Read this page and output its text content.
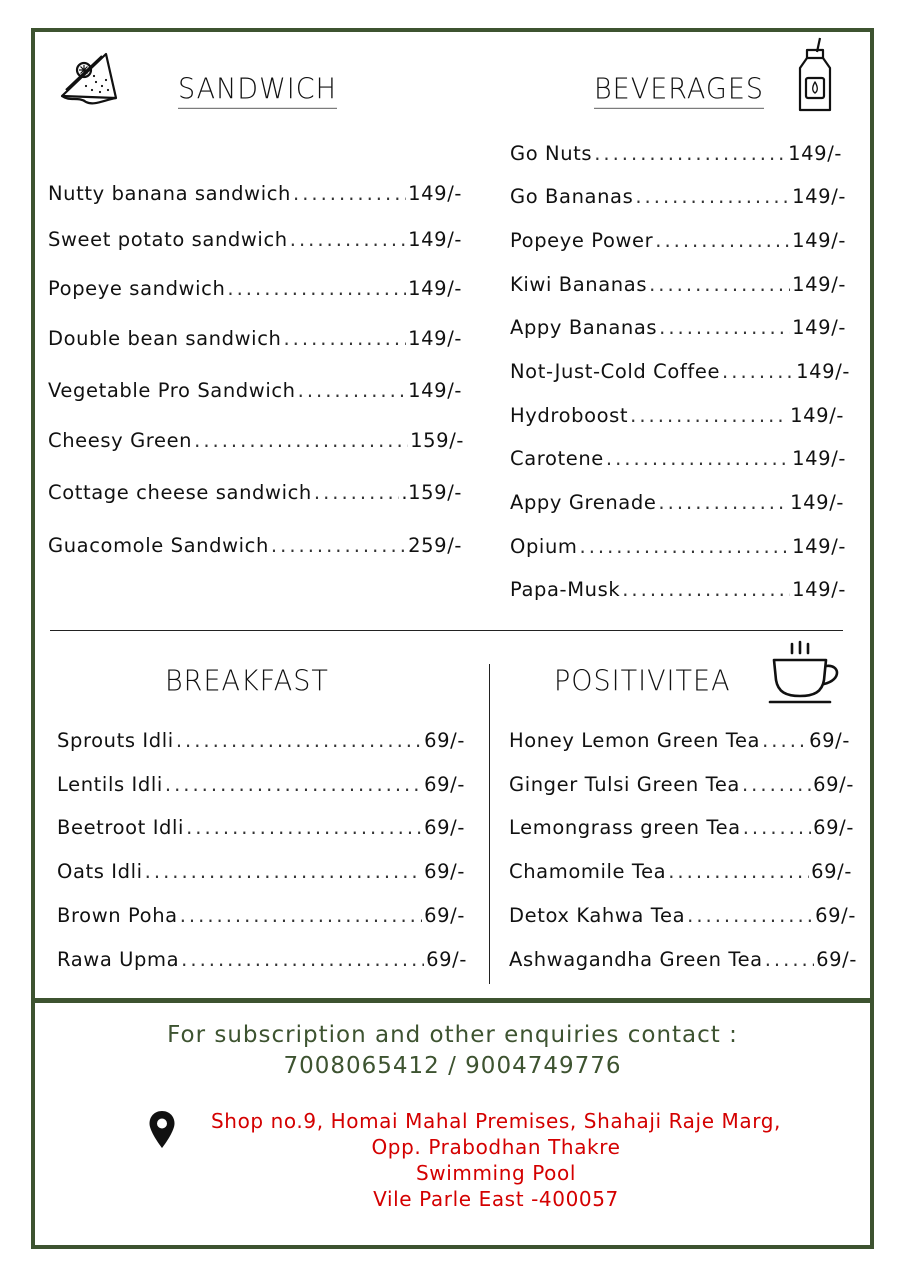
SANDWICH	BEVERAGES
BREAKFAST	POSITIVITEA
Nutty banana sandwich .....	149/-
Sweet potato sandwich .....	149/-
Popeye sandwich .....	149/-
Double bean sandwich .....	149/-
Vegetable Pro Sandwich .....	149/-
Cheesy Green .....	159/-
Cottage cheese sandwich .....	.159/-
Guacomole Sandwich .....	259/-
Go Nuts .....	149/-
Go Bananas .....	149/-
Popeye Power .....	149/-
Kiwi Bananas .....	149/-
Appy Bananas .....	149/-
Not-Just-Cold Coffee .....	149/-
Hydroboost .....	149/-
Carotene .....	149/-
Appy Grenade .....	149/-
Opium .....	149/-
Papa-Musk .....	149/-
Sprouts Idli .....	69/-
Lentils Idli .....	69/-
Beetroot Idli .....	69/-
Oats Idli .....	69/-
Brown Poha .....	69/-
Rawa Upma .....	69/-
Honey Lemon Green Tea .....	69/-
Ginger Tulsi Green Tea .....	69/-
Lemongrass green Tea .....	69/-
Chamomile Tea .....	69/-
Detox Kahwa Tea .....	69/-
Ashwagandha Green Tea .....	69/-
For subscription and other enquiries contact :
7008065412 / 9004749776
Shop no.9, Homai Mahal Premises, Shahaji Raje Marg,
Opp. Prabodhan Thakre
Swimming Pool
Vile Parle East -400057
